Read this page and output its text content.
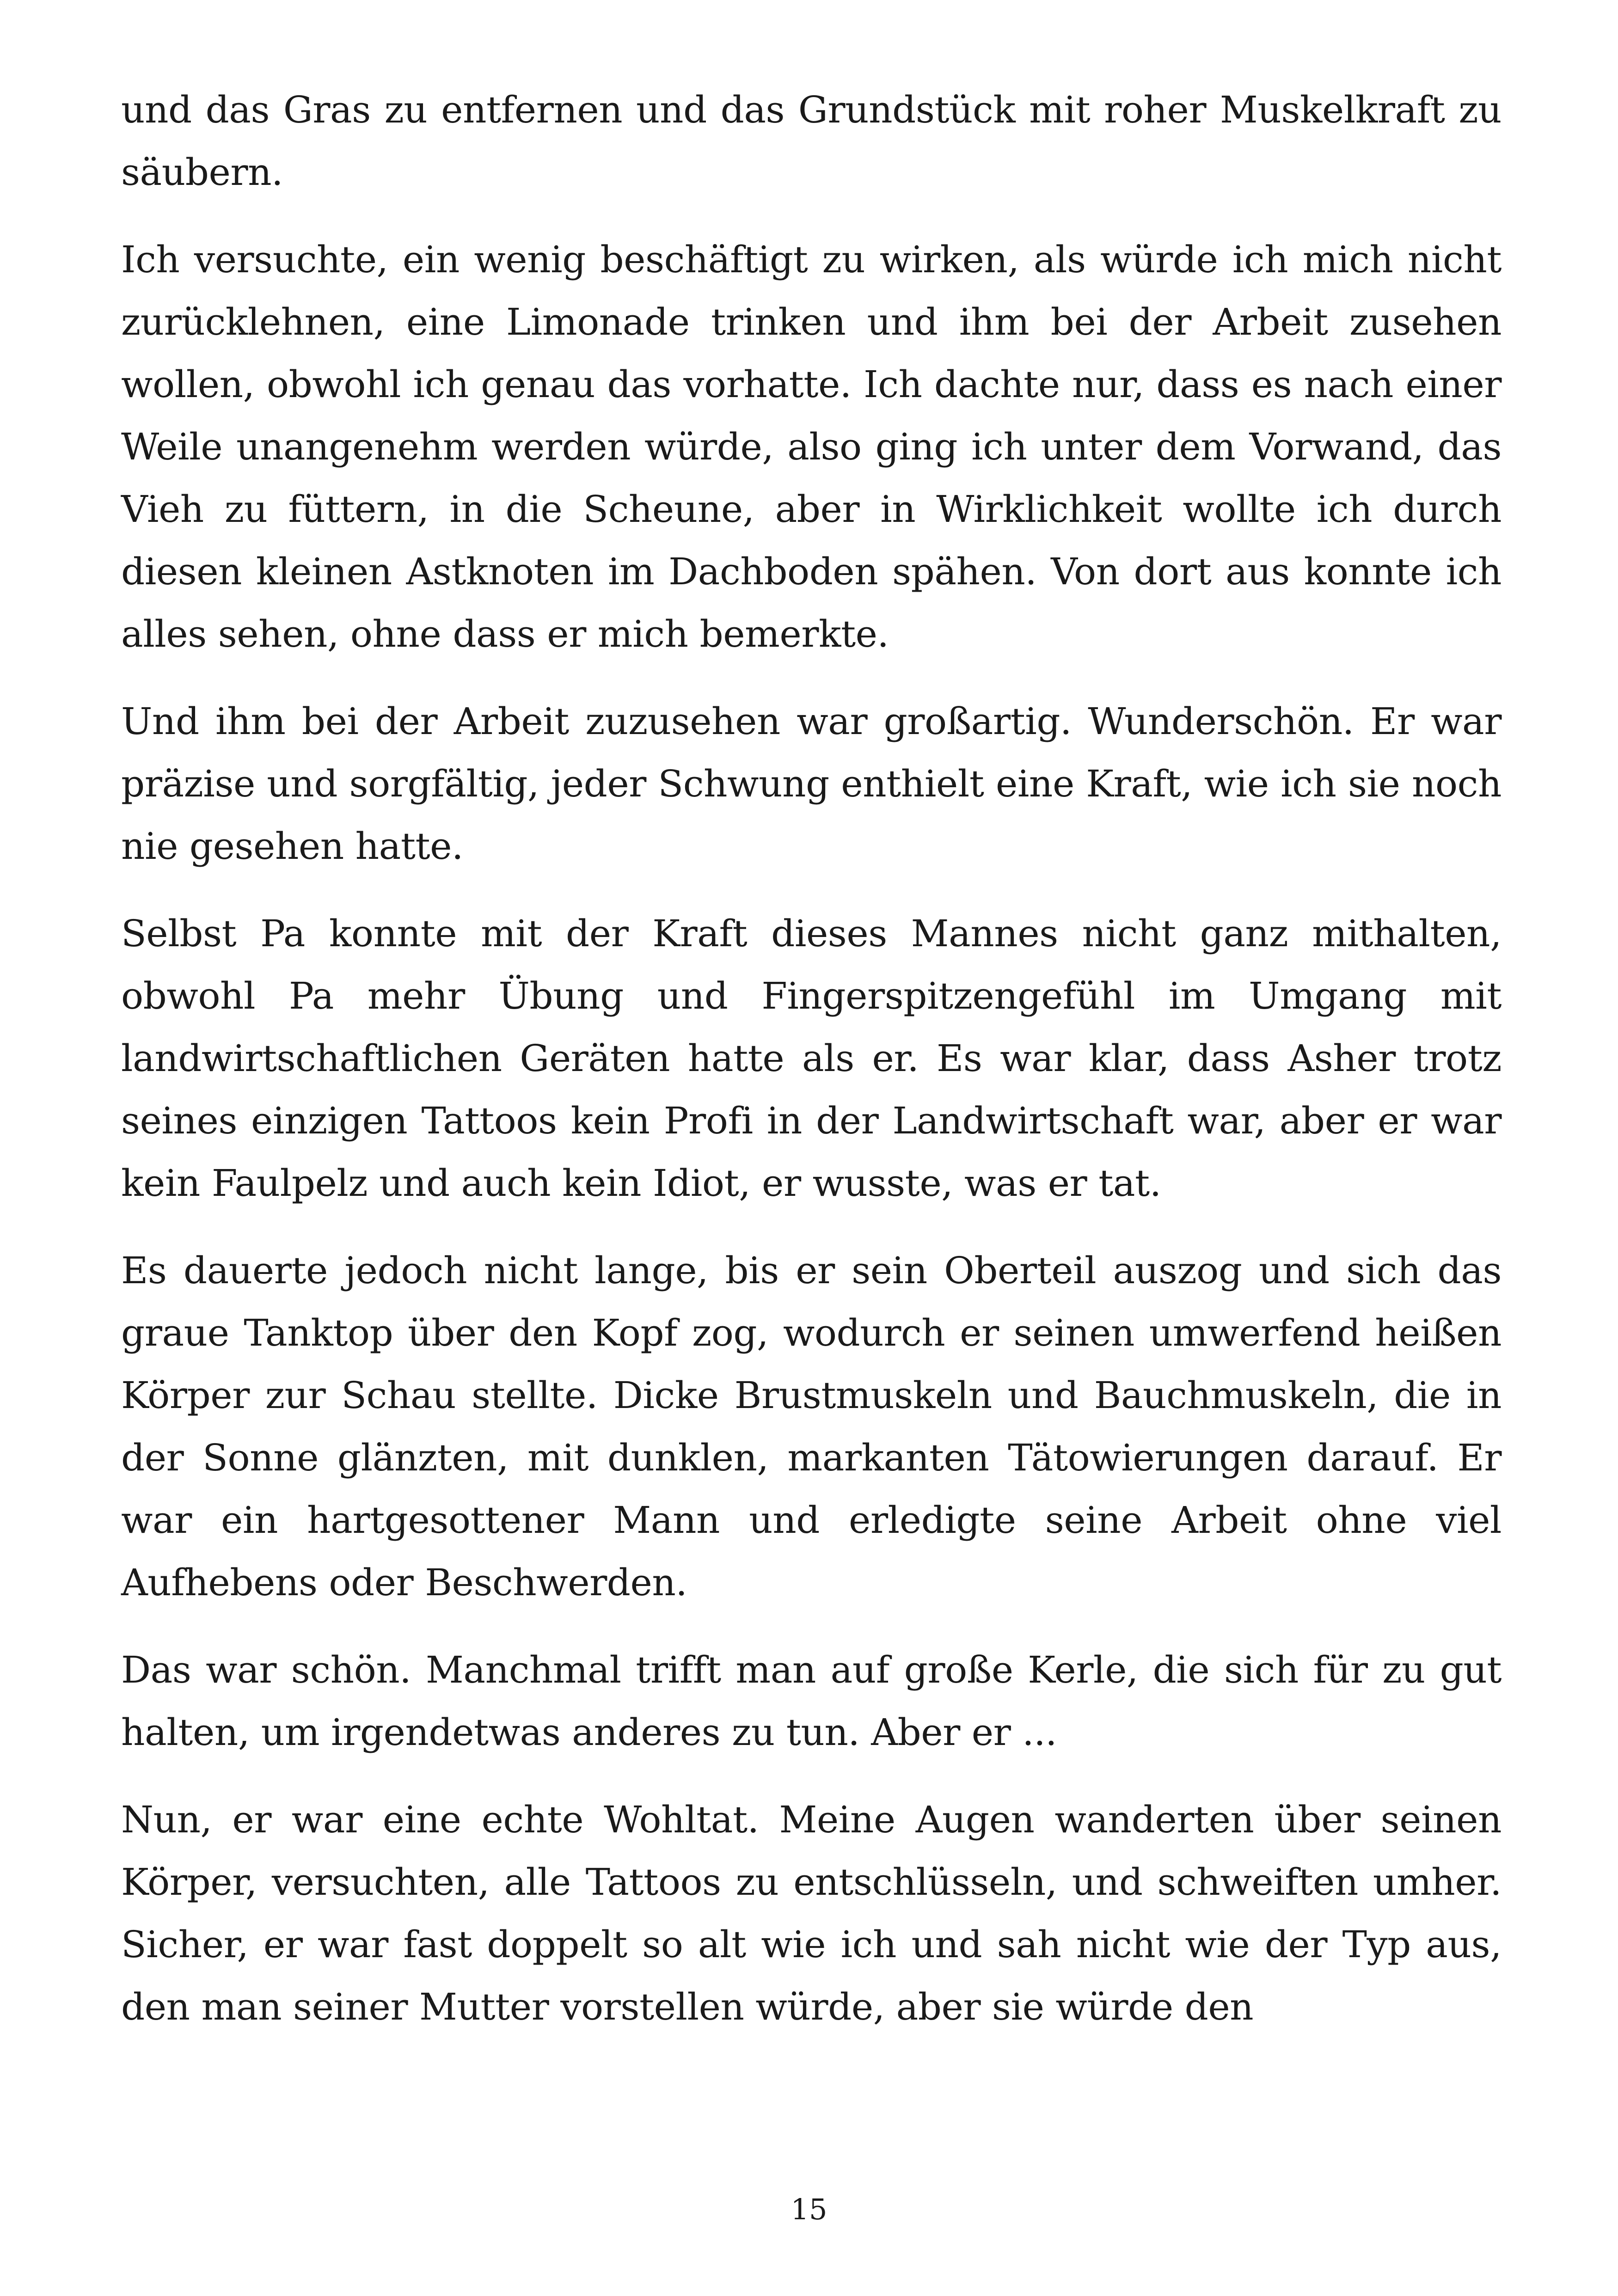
und das Gras zu entfernen und das Grundstück mit roher Muskelkraft zu säubern.

Ich versuchte, ein wenig beschäftigt zu wirken, als würde ich mich nicht zurücklehnen, eine Limonade trinken und ihm bei der Arbeit zusehen wollen, obwohl ich genau das vorhatte. Ich dachte nur, dass es nach einer Weile unangenehm werden würde, also ging ich unter dem Vorwand, das Vieh zu füttern, in die Scheune, aber in Wirklichkeit wollte ich durch diesen kleinen Astknoten im Dachboden spähen. Von dort aus konnte ich alles sehen, ohne dass er mich bemerkte.

Und ihm bei der Arbeit zuzusehen war großartig. Wunderschön. Er war präzise und sorgfältig, jeder Schwung enthielt eine Kraft, wie ich sie noch nie gesehen hatte.

Selbst Pa konnte mit der Kraft dieses Mannes nicht ganz mithalten, obwohl Pa mehr Übung und Fingerspitzengefühl im Umgang mit landwirtschaftlichen Geräten hatte als er. Es war klar, dass Asher trotz seines einzigen Tattoos kein Profi in der Landwirtschaft war, aber er war kein Faulpelz und auch kein Idiot, er wusste, was er tat.

Es dauerte jedoch nicht lange, bis er sein Oberteil auszog und sich das graue Tanktop über den Kopf zog, wodurch er seinen umwerfend heißen Körper zur Schau stellte. Dicke Brustmuskeln und Bauchmuskeln, die in der Sonne glänzten, mit dunklen, markanten Tätowierungen darauf. Er war ein hartgesottener Mann und erledigte seine Arbeit ohne viel Aufhebens oder Beschwerden.

Das war schön. Manchmal trifft man auf große Kerle, die sich für zu gut halten, um irgendetwas anderes zu tun. Aber er ...

Nun, er war eine echte Wohltat. Meine Augen wanderten über seinen Körper, versuchten, alle Tattoos zu entschlüsseln, und schweiften umher. Sicher, er war fast doppelt so alt wie ich und sah nicht wie der Typ aus, den man seiner Mutter vorstellen würde, aber sie würde den

15
